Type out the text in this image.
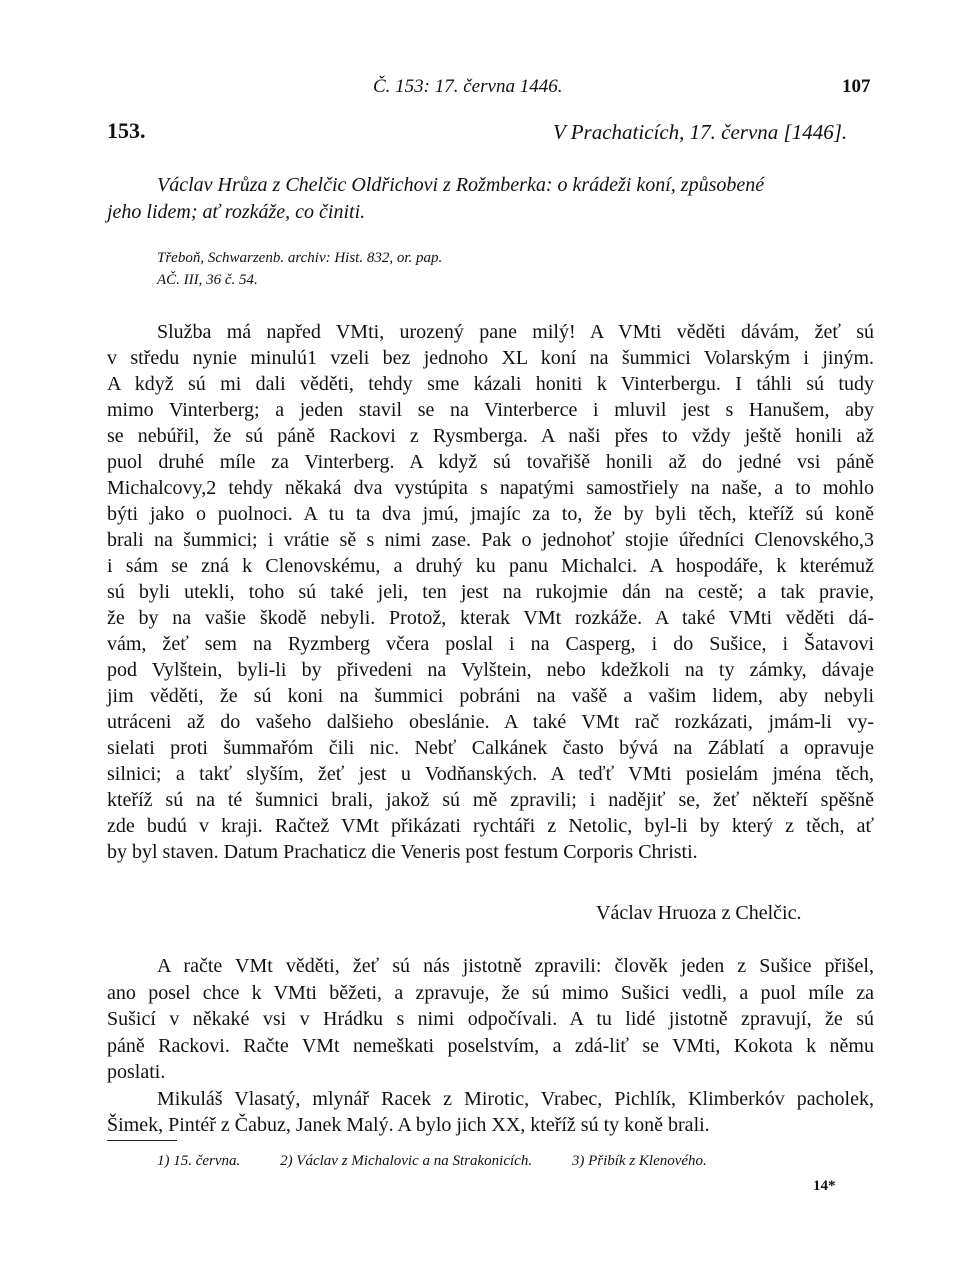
Č. 153: 17. června 1446.	107
153.	V Prachaticích, 17. června [1446].
Václav Hrůza z Chelčic Oldřichovi z Rožmberka: o krádeži koní, způsobené
jeho lidem; ať rozkáže, co činiti.
Třeboň, Schwarzenb. archiv: Hist. 832, or. pap.
AČ. III, 36 č. 54.
Služba má napřed VMti, urozený pane milý! A VMti věděti dávám, žeť sú
v středu nynie minulú1 vzeli bez jednoho XL koní na šummici Volarským i jiným.
A když sú mi dali věděti, tehdy sme kázali honiti k Vinterbergu. I táhli sú tudy
mimo Vinterberg; a jeden stavil se na Vinterberce i mluvil jest s Hanušem, aby
se nebúřil, že sú páně Rackovi z Rysmberga. A naši přes to vždy ještě honili až
puol druhé míle za Vinterberg. A když sú tovařišě honili až do jedné vsi páně
Michalcovy,2 tehdy někaká dva vystúpita s napatými samostřiely na naše, a to mohlo
býti jako o puolnoci. A tu ta dva jmú, jmajíc za to, že by byli těch, kteříž sú koně
brali na šummici; i vrátie sě s nimi zase. Pak o jednohoť stojie úředníci Clenovského,3
i sám se zná k Clenovskému, a druhý ku panu Michalci. A hospodáře, k kterémuž
sú byli utekli, toho sú také jeli, ten jest na rukojmie dán na cestě; a tak pravie,
že by na vašie škodě nebyli. Protož, kterak VMt rozkáže. A také VMti věděti dá-
vám, žeť sem na Ryzmberg včera poslal i na Casperg, i do Sušice, i Šatavovi
pod Vylštein, byli-li by přivedeni na Vylštein, nebo kdežkoli na ty zámky, dávaje
jim věděti, že sú koni na šummici pobráni na vašě a vašim lidem, aby nebyli
utráceni až do vašeho dalšieho obeslánie. A také VMt rač rozkázati, jmám-li vy-
sielati proti šummařóm čili nic. Nebť Calkánek často bývá na Záblatí a opravuje
silnici; a takť slyším, žeť jest u Vodňanských. A teďť VMti posielám jména těch,
kteříž sú na té šumnici brali, jakož sú mě zpravili; i nadějiť se, žeť někteří spěšně
zde budú v kraji. Račtež VMt přikázati rychtáři z Netolic, byl-li by který z těch, ať
by byl staven. Datum Prachaticz die Veneris post festum Corporis Christi.
Václav Hruoza z Chelčic.
A račte VMt věděti, žeť sú nás jistotně zpravili: člověk jeden z Sušice přišel,
ano posel chce k VMti běžeti, a zpravuje, že sú mimo Sušici vedli, a puol míle za
Sušicí v někaké vsi v Hrádku s nimi odpočívali. A tu lidé jistotně zpravují, že sú
páně Rackovi. Račte VMt nemeškati poselstvím, a zdá-liť se VMti, Kokota k němu
poslati.
Mikuláš Vlasatý, mlynář Racek z Mirotic, Vrabec, Pichlík, Klimberkóv pacholek,
Šimek, Pintéř z Čabuz, Janek Malý. A bylo jich XX, kteříž sú ty koně brali.
1) 15. června.	2) Václav z Michalovic a na Strakonicích.	3) Přibík z Klenového.
14*
